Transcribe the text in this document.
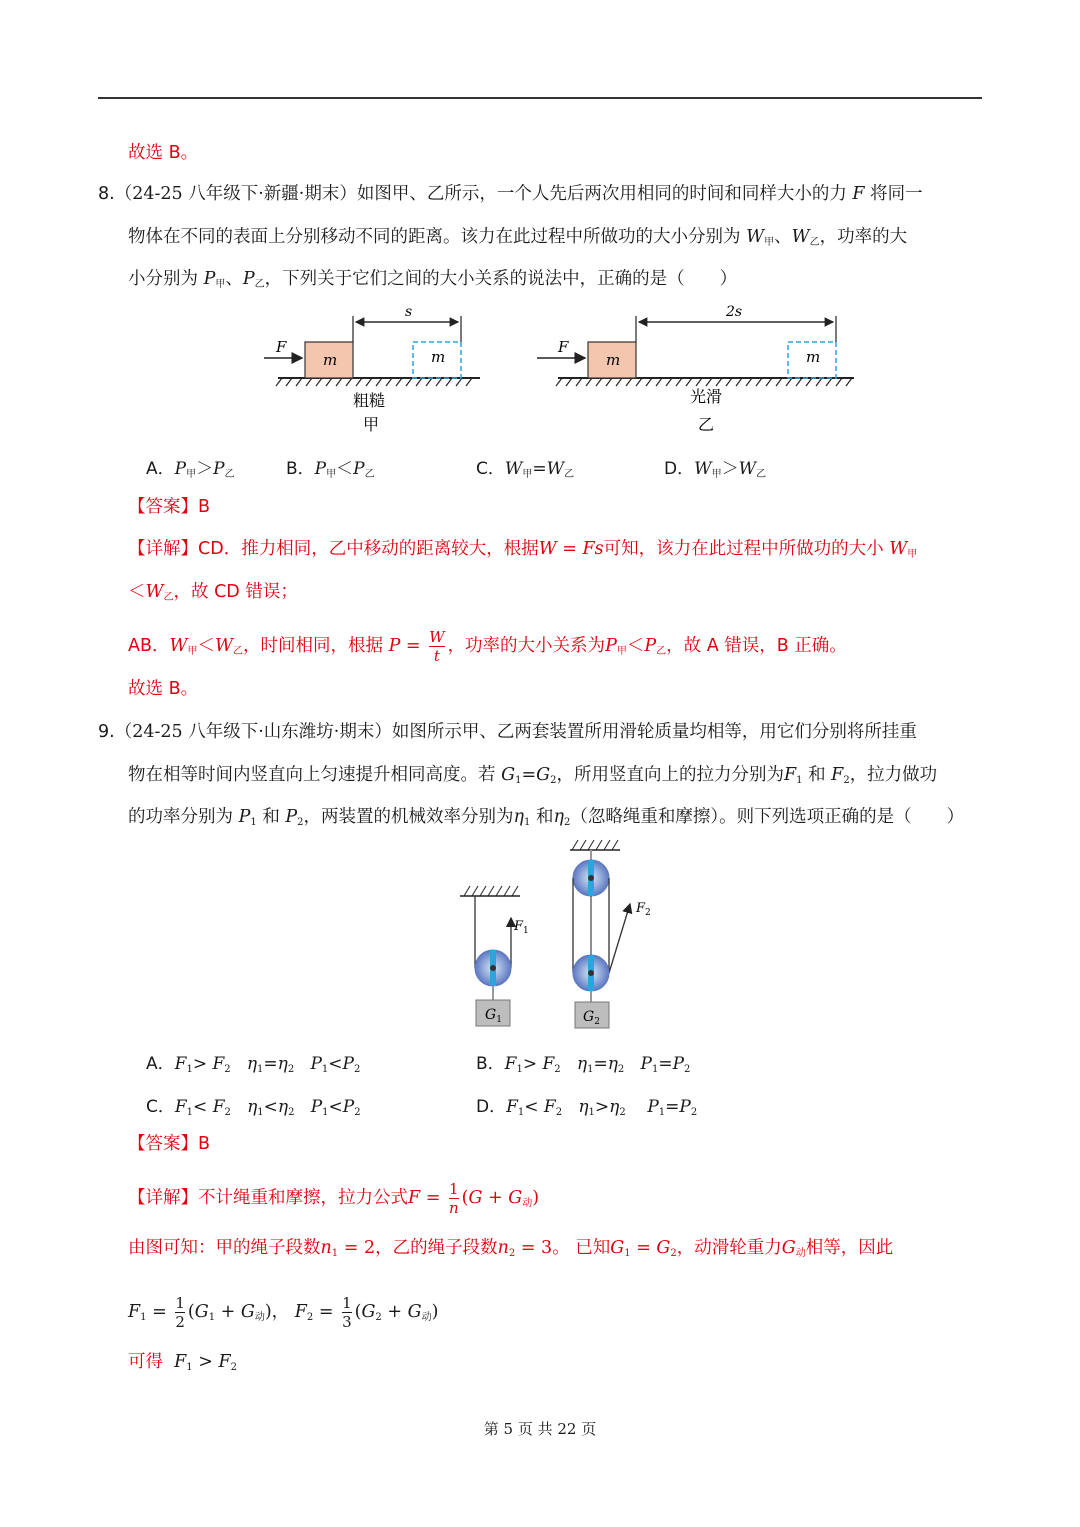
故选 B。
8.（24-25 八年级下·新疆·期末）如图甲、乙所示，一个人先后两次用相同的时间和同样大小的力 F 将同一
物体在不同的表面上分别移动不同的距离。该力在此过程中所做功的大小分别为 $W_甲$、$W_乙$，功率的大
小分别为 $P_甲$、$P_乙$，下列关于它们之间的大小关系的说法中，正确的是（　　）
m	m
F
s
粗糙
甲
m	m
F
2s
光滑
乙
A．$P_甲>P_乙$	B．$P_甲<P_乙$	C．$W_甲=W_乙$	D．$W_甲>W_乙$
【答案】B
【详解】CD．推力相同，乙中移动的距离较大，根据W = Fs可知，该力在此过程中所做功的大小 $W_甲$
$<W_乙$，故 CD 错误；
AB．$W_甲<W_乙$，时间相同，根据 $P = \frac{W}{t}$ ，功率的大小关系为$P_甲<P_乙$，故 A 错误，B 正确。
故选 B。
9.（24-25 八年级下·山东潍坊·期末）如图所示甲、乙两套装置所用滑轮质量均相等，用它们分别将所挂重
物在相等时间内竖直向上匀速提升相同高度。若 $G_1=G_2$，所用竖直向上的拉力分别为$F_1$ 和 $F_2$，拉力做功
的功率分别为 $P_1$ 和 $P_2$，两装置的机械效率分别为$\eta_1$ 和$\eta_2$（忽略绳重和摩擦）。则下列选项正确的是（　　）
$F_1$
$G_1$
$F_2$
$G_2$
A．$F_1> F_2$ $\eta_1=\eta_2$ $P_1<P_2$	B．$F_1> F_2$ $\eta_1=\eta_2$ $P_1=P_2$
C．$F_1< F_2$ $\eta_1<\eta_2$ $P_1<P_2$	D．$F_1< F_2$ $\eta_1>\eta_2$ $P_1=P_2$
【答案】B
【详解】不计绳重和摩擦，拉力公式$F = \frac{1}{n} (G + G_动)$
由图可知：甲的绳子段数$n_1 = 2$，乙的绳子段数$n_2 = 3$。 已知$G_1 = G_2$，动滑轮重力$G_动$相等，因此
$F_1 = \frac{1}{2} (G_1 + G_动)$， $F_2 = \frac{1}{3} (G_2 + G_动)$
可得 $F_1 > F_2$
第 5 页 共 22 页
